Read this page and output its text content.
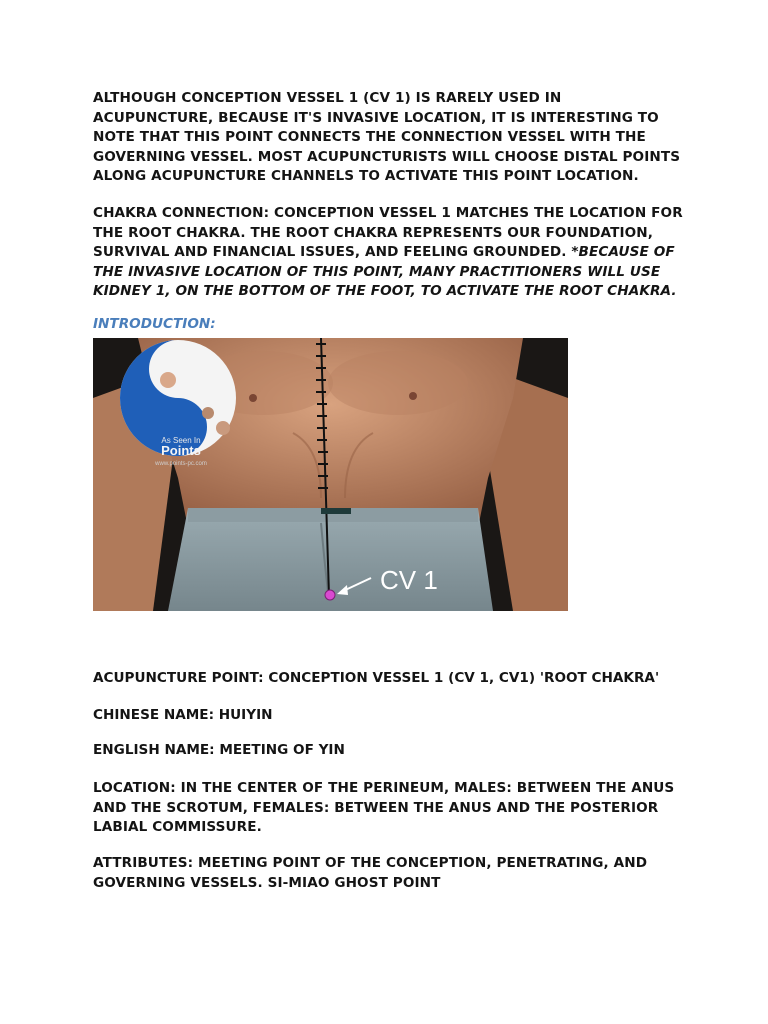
ALTHOUGH CONCEPTION VESSEL 1 (CV 1) IS RARELY USED IN ACUPUNCTURE, BECAUSE IT'S INVASIVE LOCATION, IT IS INTERESTING TO NOTE THAT THIS POINT CONNECTS THE CONNECTION VESSEL WITH THE GOVERNING VESSEL. MOST ACUPUNCTURISTS WILL CHOOSE DISTAL POINTS ALONG ACUPUNCTURE CHANNELS TO ACTIVATE THIS POINT LOCATION.

CHAKRA CONNECTION: CONCEPTION VESSEL 1 MATCHES THE LOCATION FOR THE ROOT CHAKRA. THE ROOT CHAKRA REPRESENTS OUR FOUNDATION, SURVIVAL AND FINANCIAL ISSUES, AND FEELING GROUNDED. *BECAUSE OF THE INVASIVE LOCATION OF THIS POINT, MANY PRACTITIONERS WILL USE KIDNEY 1, ON THE BOTTOM OF THE FOOT, TO ACTIVATE THE ROOT CHAKRA.

INTRODUCTION:

CV 1
As Seen In
Points
www.points-pc.com

ACUPUNCTURE POINT: CONCEPTION VESSEL 1 (CV 1, CV1) 'ROOT CHAKRA'

CHINESE NAME: HUIYIN

ENGLISH NAME: MEETING OF YIN

LOCATION: IN THE CENTER OF THE PERINEUM, MALES: BETWEEN THE ANUS AND THE SCROTUM, FEMALES: BETWEEN THE ANUS AND THE POSTERIOR LABIAL COMMISSURE.

ATTRIBUTES: MEETING POINT OF THE CONCEPTION, PENETRATING, AND GOVERNING VESSELS. SI-MIAO GHOST POINT
